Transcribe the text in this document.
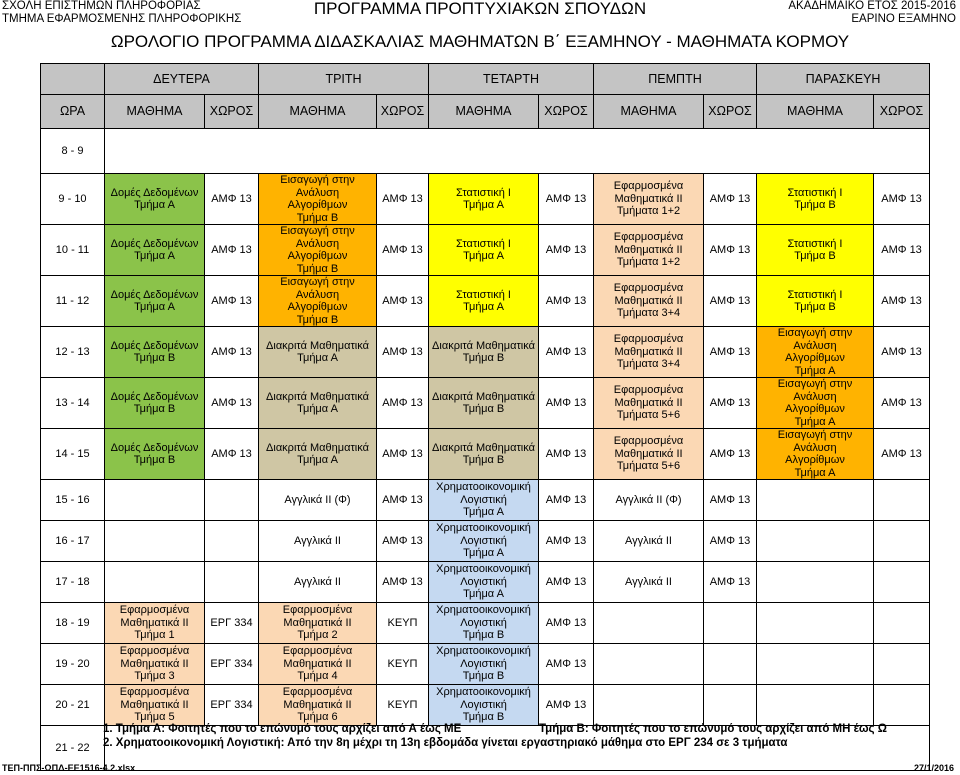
ΣΧΟΛΗ ΕΠΙΣΤΗΜΩΝ ΠΛΗΡΟΦΟΡΙΑΣ
ΤΜΗΜΑ ΕΦΑΡΜΟΣΜΕΝΗΣ ΠΛΗΡΟΦΟΡΙΚΗΣ
ΠΡΟΓΡΑΜΜΑ ΠΡΟΠΤΥΧΙΑΚΩΝ ΣΠΟΥΔΩΝ	ΑΚΑΔΗΜΑΪΚΟ ΕΤΟΣ 2015-2016
ΕΑΡΙΝΟ ΕΞΑΜΗΝΟ
ΩΡΟΛΟΓΙΟ ΠΡΟΓΡΑΜΜΑ ΔΙΔΑΣΚΑΛΙΑΣ ΜΑΘΗΜΑΤΩΝ Β΄ ΕΞΑΜΗΝΟΥ - ΜΑΘΗΜΑΤΑ ΚΟΡΜΟΥ
	ΔΕΥΤΕΡΑ		ΤΡΙΤΗ		ΤΕΤΑΡΤΗ		ΠΕΜΠΤΗ		ΠΑΡΑΣΚΕΥΗ	
ΩΡΑ	ΜΑΘΗΜΑ	ΧΩΡΟΣ	ΜΑΘΗΜΑ	ΧΩΡΟΣ	ΜΑΘΗΜΑ	ΧΩΡΟΣ	ΜΑΘΗΜΑ	ΧΩΡΟΣ	ΜΑΘΗΜΑ	ΧΩΡΟΣ
8 - 9										
9 - 10	Δομές Δεδομένων
Τμήμα Α	ΑΜΦ 13	Εισαγωγή στην Ανάλυση
Αλγορίθμων
Τμήμα Β	ΑΜΦ 13	Στατιστική Ι
Τμήμα Α	ΑΜΦ 13	Εφαρμοσμένα
Μαθηματικά ΙΙ
Τμήματα 1+2	ΑΜΦ 13	Στατιστική Ι
Τμήμα Β	ΑΜΦ 13
10 - 11	Δομές Δεδομένων
Τμήμα Α	ΑΜΦ 13	Εισαγωγή στην Ανάλυση
Αλγορίθμων
Τμήμα Β	ΑΜΦ 13	Στατιστική Ι
Τμήμα Α	ΑΜΦ 13	Εφαρμοσμένα
Μαθηματικά ΙΙ
Τμήματα 1+2	ΑΜΦ 13	Στατιστική Ι
Τμήμα Β	ΑΜΦ 13
11 - 12	Δομές Δεδομένων
Τμήμα Α	ΑΜΦ 13	Εισαγωγή στην Ανάλυση
Αλγορίθμων
Τμήμα Β	ΑΜΦ 13	Στατιστική Ι
Τμήμα Α	ΑΜΦ 13	Εφαρμοσμένα
Μαθηματικά ΙΙ
Τμήματα 3+4	ΑΜΦ 13	Στατιστική Ι
Τμήμα Β	ΑΜΦ 13
12 - 13	Δομές Δεδομένων
Τμήμα Β	ΑΜΦ 13	Διακριτά Μαθηματικά
Τμήμα Α	ΑΜΦ 13	Διακριτά Μαθηματικά
Τμήμα Β	ΑΜΦ 13	Εφαρμοσμένα
Μαθηματικά ΙΙ
Τμήματα 3+4	ΑΜΦ 13	Εισαγωγή στην Ανάλυση
Αλγορίθμων
Τμήμα Α	ΑΜΦ 13
13 - 14	Δομές Δεδομένων
Τμήμα Β	ΑΜΦ 13	Διακριτά Μαθηματικά
Τμήμα Α	ΑΜΦ 13	Διακριτά Μαθηματικά
Τμήμα Β	ΑΜΦ 13	Εφαρμοσμένα
Μαθηματικά ΙΙ
Τμήματα 5+6	ΑΜΦ 13	Εισαγωγή στην Ανάλυση
Αλγορίθμων
Τμήμα Α	ΑΜΦ 13
14 - 15	Δομές Δεδομένων
Τμήμα Β	ΑΜΦ 13	Διακριτά Μαθηματικά
Τμήμα Α	ΑΜΦ 13	Διακριτά Μαθηματικά
Τμήμα Β	ΑΜΦ 13	Εφαρμοσμένα
Μαθηματικά ΙΙ
Τμήματα 5+6	ΑΜΦ 13	Εισαγωγή στην Ανάλυση
Αλγορίθμων
Τμήμα Α	ΑΜΦ 13
15 - 16			Αγγλικά ΙΙ (Φ)	ΑΜΦ 13	Χρηματοοικονομική
Λογιστική
Τμήμα Α	ΑΜΦ 13	Αγγλικά ΙΙ (Φ)	ΑΜΦ 13		
16 - 17			Αγγλικά ΙΙ	ΑΜΦ 13	Χρηματοοικονομική
Λογιστική
Τμήμα Α	ΑΜΦ 13	Αγγλικά ΙΙ	ΑΜΦ 13		
17 - 18			Αγγλικά ΙΙ	ΑΜΦ 13	Χρηματοοικονομική
Λογιστική
Τμήμα Α	ΑΜΦ 13	Αγγλικά ΙΙ	ΑΜΦ 13		
18 - 19	Εφαρμοσμένα
Μαθηματικά ΙΙ
Τμήμα 1	ΕΡΓ 334	Εφαρμοσμένα
Μαθηματικά ΙΙ
Τμήμα 2	ΚΕΥΠ	Χρηματοοικονομική
Λογιστική
Τμήμα Β	ΑΜΦ 13				
19 - 20	Εφαρμοσμένα
Μαθηματικά ΙΙ
Τμήμα 3	ΕΡΓ 334	Εφαρμοσμένα
Μαθηματικά ΙΙ
Τμήμα 4	ΚΕΥΠ	Χρηματοοικονομική
Λογιστική
Τμήμα Β	ΑΜΦ 13				
20 - 21	Εφαρμοσμένα
Μαθηματικά ΙΙ
Τμήμα 5	ΕΡΓ 334	Εφαρμοσμένα
Μαθηματικά ΙΙ
Τμήμα 6	ΚΕΥΠ	Χρηματοοικονομική
Λογιστική
Τμήμα Β	ΑΜΦ 13				
21 - 22										
1. Τμήμα Α: Φοιτητές που το επώνυμό τους αρχίζει από Α έως ΜΕ	Τμήμα Β: Φοιτητές που το επώνυμό τους αρχίζει από ΜΗ έως Ω
2. Χρηματοοικονομική Λογιστική: Από την 8η μέχρι τη 13η εβδομάδα γίνεται εργαστηριακό μάθημα στο ΕΡΓ 234 σε 3 τμήματα
ΤΕΠ-ΠΠΣ-ΩΠΔ-ΕΕ1516-4.2.xlsx	27/1/2016
